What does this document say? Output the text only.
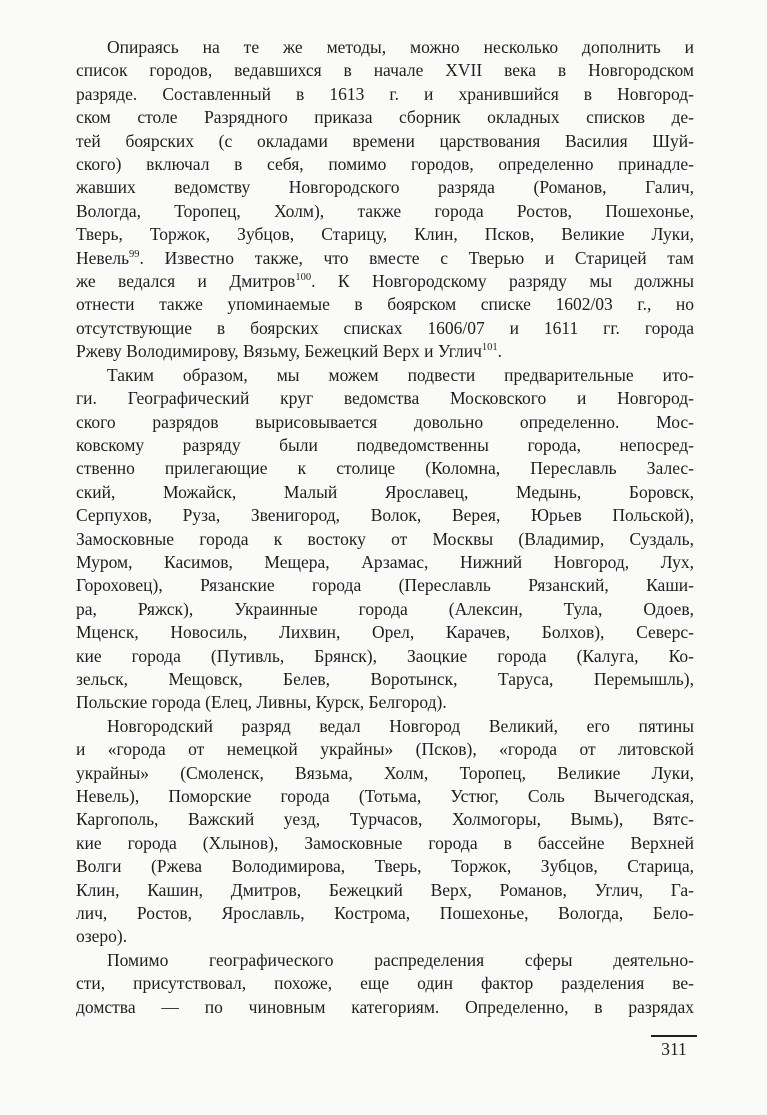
Опираясь на те же методы, можно несколько дополнить и
список городов, ведавшихся в начале XVII века в Новгородском
разряде. Составленный в 1613 г. и хранившийся в Новгород-
ском столе Разрядного приказа сборник окладных списков де-
тей боярских (с окладами времени царствования Василия Шуй-
ского) включал в себя, помимо городов, определенно принадле-
жавших ведомству Новгородского разряда (Романов, Галич,
Вологда, Торопец, Холм), также города Ростов, Пошехонье,
Тверь, Торжок, Зубцов, Старицу, Клин, Псков, Великие Луки,
Невель$^{99}$. Известно также, что вместе с Тверью и Старицей там
же ведался и Дмитров$^{100}$. К Новгородскому разряду мы должны
отнести также упоминаемые в боярском списке 1602/03 г., но
отсутствующие в боярских списках 1606/07 и 1611 гг. города
Ржеву Володимирову, Вязьму, Бежецкий Верх и Углич$^{101}$.
Таким образом, мы можем подвести предварительные ито-
ги. Географический круг ведомства Московского и Новгород-
ского разрядов вырисовывается довольно определенно. Мос-
ковскому разряду были подведомственны города, непосред-
ственно прилегающие к столице (Коломна, Переславль Залес-
ский, Можайск, Малый Ярославец, Медынь, Боровск,
Серпухов, Руза, Звенигород, Волок, Верея, Юрьев Польской),
Замосковные города к востоку от Москвы (Владимир, Суздаль,
Муром, Касимов, Мещера, Арзамас, Нижний Новгород, Лух,
Гороховец), Рязанские города (Переславль Рязанский, Каши-
ра, Ряжск), Украинные города (Алексин, Тула, Одоев,
Мценск, Новосиль, Лихвин, Орел, Карачев, Болхов), Северс-
кие города (Путивль, Брянск), Заоцкие города (Калуга, Ко-
зельск, Мещовск, Белев, Воротынск, Таруса, Перемышль),
Польские города (Елец, Ливны, Курск, Белгород).
Новгородский разряд ведал Новгород Великий, его пятины
и «города от немецкой украйны» (Псков), «города от литовской
украйны» (Смоленск, Вязьма, Холм, Торопец, Великие Луки,
Невель), Поморские города (Тотьма, Устюг, Соль Вычегодская,
Каргополь, Важский уезд, Турчасов, Холмогоры, Вымь), Вятс-
кие города (Хлынов), Замосковные города в бассейне Верхней
Волги (Ржева Володимирова, Тверь, Торжок, Зубцов, Старица,
Клин, Кашин, Дмитров, Бежецкий Верх, Романов, Углич, Га-
лич, Ростов, Ярославль, Кострома, Пошехонье, Вологда, Бело-
озеро).
Помимо географического распределения сферы деятельно-
сти, присутствовал, похоже, еще один фактор разделения ве-
домства — по чиновным категориям. Определенно, в разрядах
311
